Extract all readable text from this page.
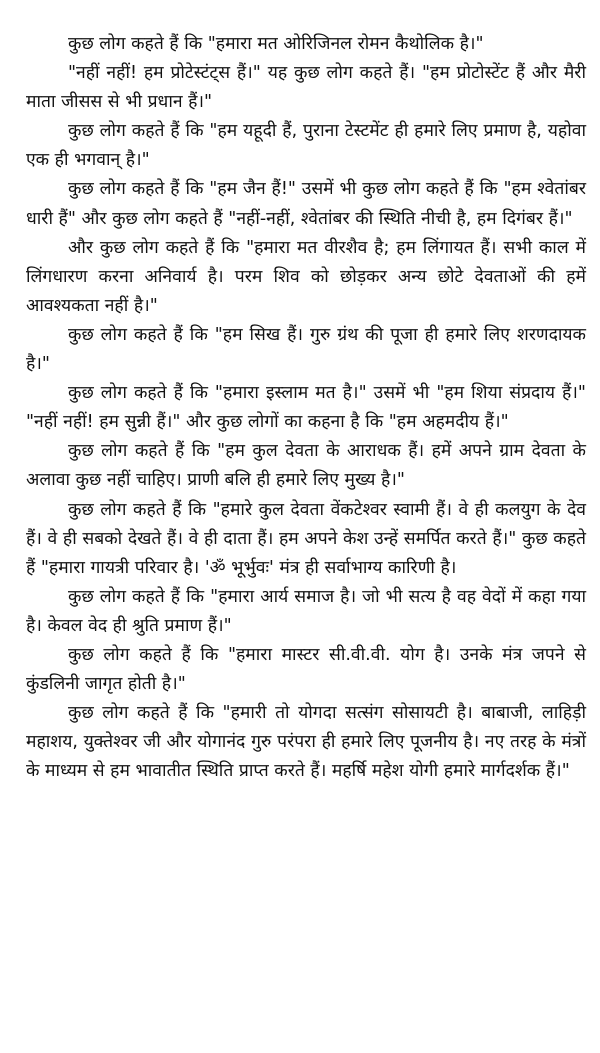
कुछ लोग कहते हैं कि "हमारा मत ओरिजिनल रोमन कैथोलिक है।"

"नहीं नहीं! हम प्रोटेस्टंट्स हैं।" यह कुछ लोग कहते हैं। "हम प्रोटोस्टेंट हैं और मैरी माता जीसस से भी प्रधान हैं।"

कुछ लोग कहते हैं कि "हम यहूदी हैं, पुराना टेस्टमेंट ही हमारे लिए प्रमाण है, यहोवा एक ही भगवान् है।"

कुछ लोग कहते हैं कि "हम जैन हैं!" उसमें भी कुछ लोग कहते हैं कि "हम श्वेतांबर धारी हैं" और कुछ लोग कहते हैं "नहीं-नहीं, श्वेतांबर की स्थिति नीची है, हम दिगंबर हैं।"

और कुछ लोग कहते हैं कि "हमारा मत वीरशैव है; हम लिंगायत हैं। सभी काल में लिंगधारण करना अनिवार्य है। परम शिव को छोड़कर अन्य छोटे देवताओं की हमें आवश्यकता नहीं है।"

कुछ लोग कहते हैं कि "हम सिख हैं। गुरु ग्रंथ की पूजा ही हमारे लिए शरणदायक है।"

कुछ लोग कहते हैं कि "हमारा इस्लाम मत है।" उसमें भी "हम शिया संप्रदाय हैं।" "नहीं नहीं! हम सुन्नी हैं।" और कुछ लोगों का कहना है कि "हम अहमदीय हैं।"

कुछ लोग कहते हैं कि "हम कुल देवता के आराधक हैं। हमें अपने ग्राम देवता के अलावा कुछ नहीं चाहिए। प्राणी बलि ही हमारे लिए मुख्य है।"

कुछ लोग कहते हैं कि "हमारे कुल देवता वेंकटेश्वर स्वामी हैं। वे ही कलयुग के देव हैं। वे ही सबको देखते हैं। वे ही दाता हैं। हम अपने केश उन्हें समर्पित करते हैं।" कुछ कहते हैं "हमारा गायत्री परिवार है। 'ॐ भूर्भुवः' मंत्र ही सर्वाभाग्य कारिणी है।

कुछ लोग कहते हैं कि "हमारा आर्य समाज है। जो भी सत्य है वह वेदों में कहा गया है। केवल वेद ही श्रुति प्रमाण हैं।"

कुछ लोग कहते हैं कि "हमारा मास्टर सी.वी.वी. योग है। उनके मंत्र जपने से कुंडलिनी जागृत होती है।"

कुछ लोग कहते हैं कि "हमारी तो योगदा सत्संग सोसायटी है। बाबाजी, लाहिड़ी महाशय, युक्तेश्वर जी और योगानंद गुरु परंपरा ही हमारे लिए पूजनीय है। नए तरह के मंत्रों के माध्यम से हम भावातीत स्थिति प्राप्त करते हैं। महर्षि महेश योगी हमारे मार्गदर्शक हैं।"
